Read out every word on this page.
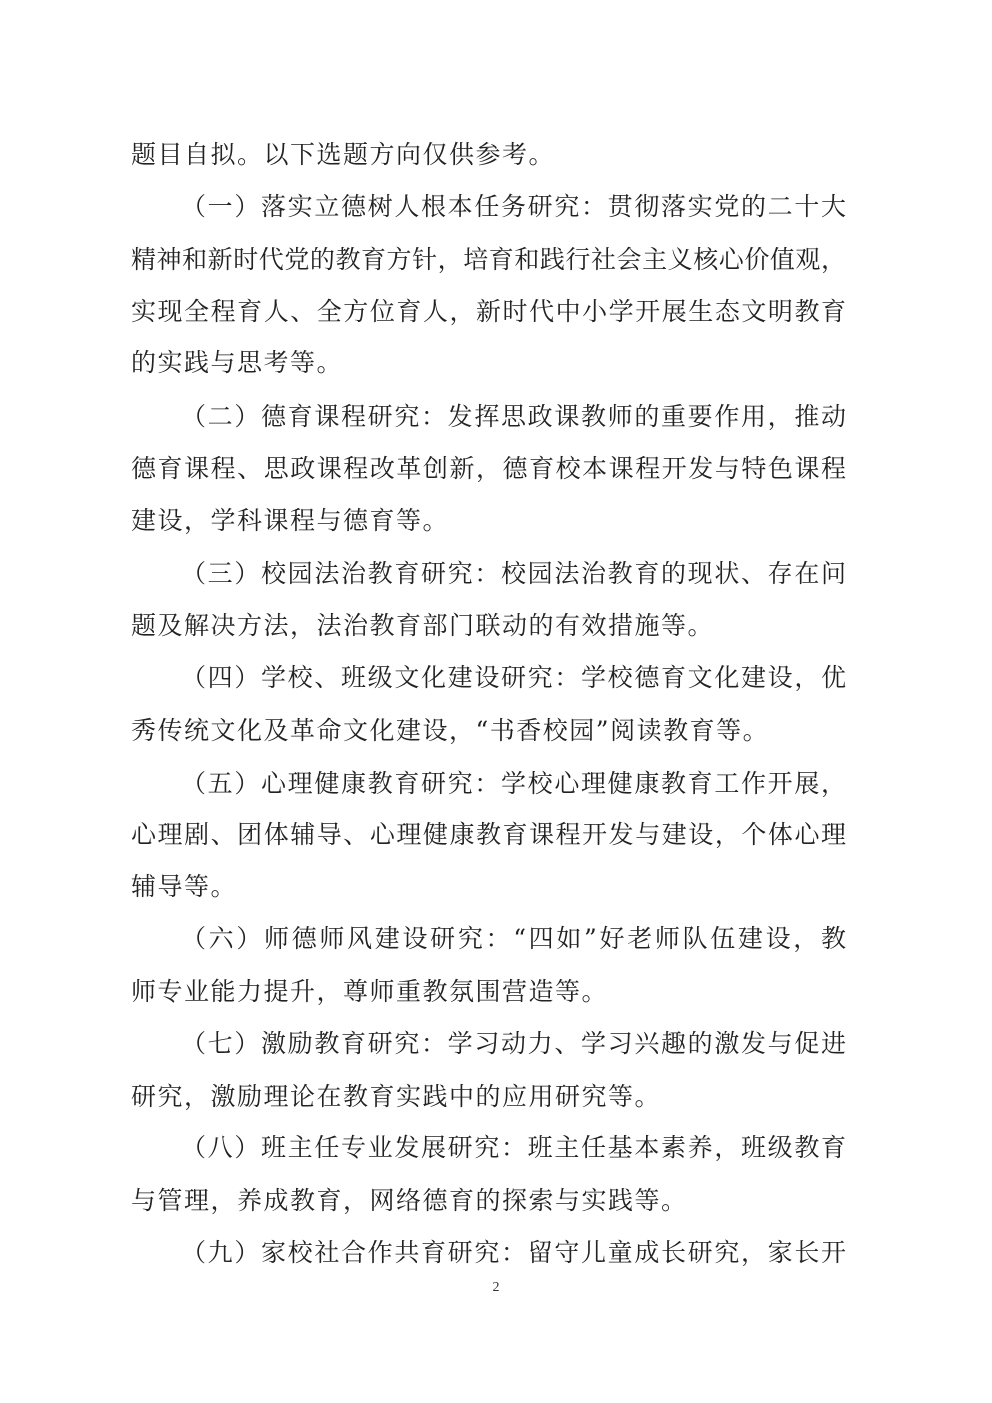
题目自拟。以下选题方向仅供参考。
（一）落实立德树人根本任务研究：贯彻落实党的二十大
精神和新时代党的教育方针，培育和践行社会主义核心价值观，
实现全程育人、全方位育人，新时代中小学开展生态文明教育
的实践与思考等。
（二）德育课程研究：发挥思政课教师的重要作用，推动
德育课程、思政课程改革创新，德育校本课程开发与特色课程
建设，学科课程与德育等。
（三）校园法治教育研究：校园法治教育的现状、存在问
题及解决方法，法治教育部门联动的有效措施等。
（四）学校、班级文化建设研究：学校德育文化建设，优
秀传统文化及革命文化建设，“书香校园”阅读教育等。
（五）心理健康教育研究：学校心理健康教育工作开展，
心理剧、团体辅导、心理健康教育课程开发与建设，个体心理
辅导等。
（六）师德师风建设研究：“四如”好老师队伍建设，教
师专业能力提升，尊师重教氛围营造等。
（七）激励教育研究：学习动力、学习兴趣的激发与促进
研究，激励理论在教育实践中的应用研究等。
（八）班主任专业发展研究：班主任基本素养，班级教育
与管理，养成教育，网络德育的探索与实践等。
（九）家校社合作共育研究：留守儿童成长研究，家长开
2
